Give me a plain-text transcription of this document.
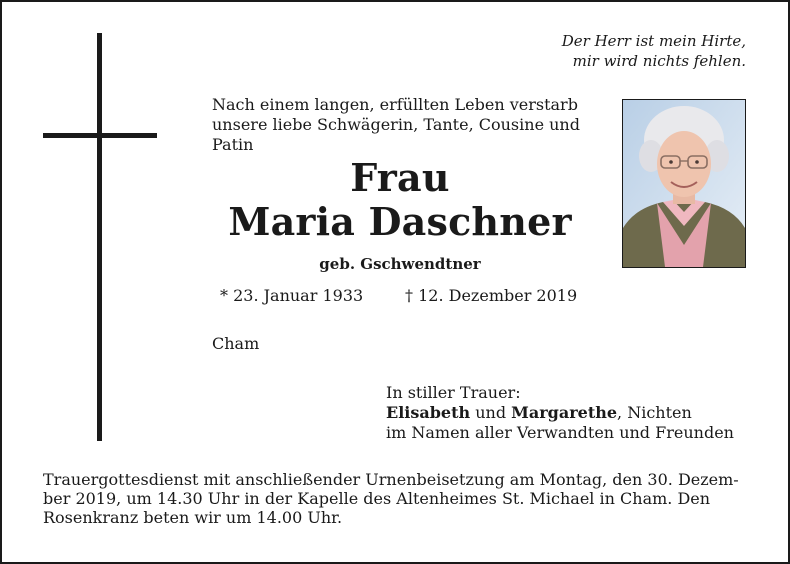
Der Herr ist mein Hirte,
mir wird nichts fehlen.
Nach einem langen, erfüllten Leben verstarb
unsere liebe Schwägerin, Tante, Cousine und
Patin
Frau
Maria Daschner
geb. Gschwendtner
* 23. Januar 1933	† 12. Dezember 2019
Cham
In stiller Trauer:
Elisabeth und Margarethe, Nichten
im Namen aller Verwandten und Freunden
Trauergottesdienst mit anschließender Urnenbeisetzung am Montag, den 30. Dezem-
ber 2019, um 14.30 Uhr in der Kapelle des Altenheimes St. Michael in Cham. Den
Rosenkranz beten wir um 14.00 Uhr.
